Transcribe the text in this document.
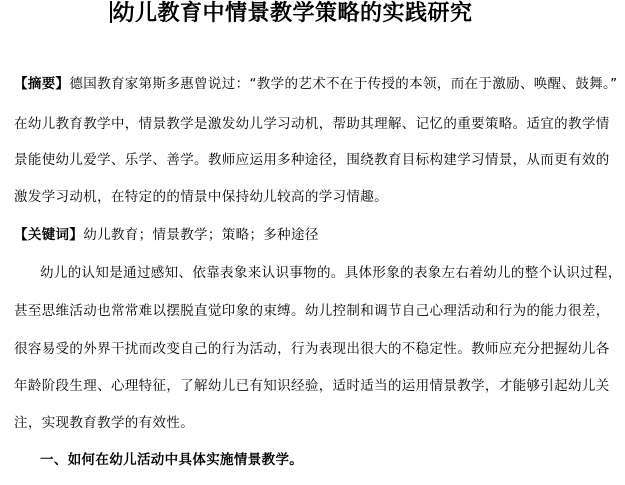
幼儿教育中情景教学策略的实践研究
【摘要】德国教育家第斯多惠曾说过：“教学的艺术不在于传授的本领，而在于激励、唤醒、鼓舞。”
在幼儿教育教学中，情景教学是激发幼儿学习动机，帮助其理解、记忆的重要策略。适宜的教学情
景能使幼儿爱学、乐学、善学。教师应运用多种途径，围绕教育目标构建学习情景，从而更有效的
激发学习动机，在特定的的情景中保持幼儿较高的学习情趣。
【关键词】幼儿教育；情景教学；策略；多种途径
幼儿的认知是通过感知、依靠表象来认识事物的。具体形象的表象左右着幼儿的整个认识过程，
甚至思维活动也常常难以摆脱直觉印象的束缚。幼儿控制和调节自己心理活动和行为的能力很差，
很容易受的外界干扰而改变自己的行为活动，行为表现出很大的不稳定性。教师应充分把握幼儿各
年龄阶段生理、心理特征，了解幼儿已有知识经验，适时适当的运用情景教学，才能够引起幼儿关
注，实现教育教学的有效性。
一、如何在幼儿活动中具体实施情景教学。
